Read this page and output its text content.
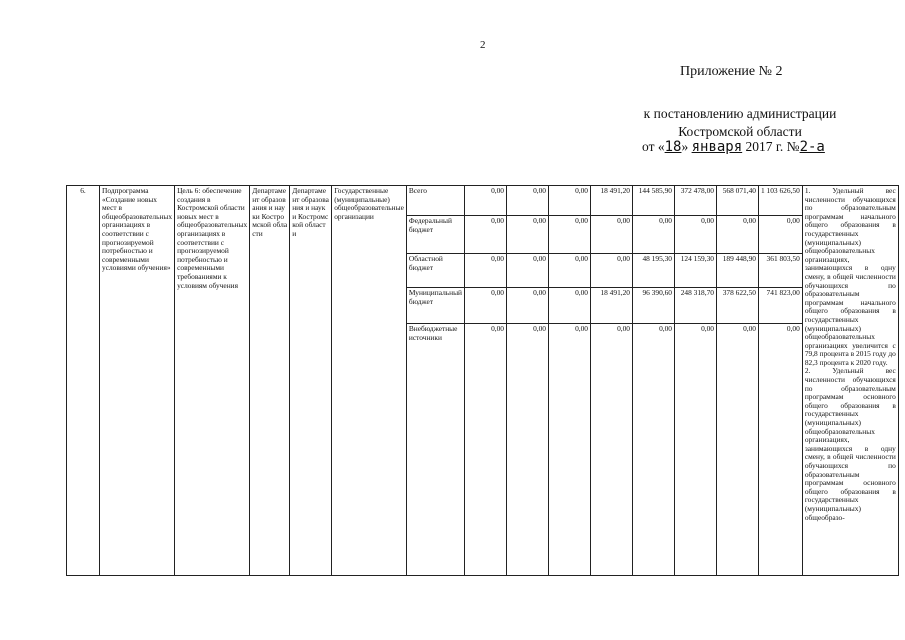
2
Приложение № 2
к постановлению администрации
Костромской области
от «18» января 2017 г. №2-а
6.	Подпрограмма «Создание новых мест в общеобразовательных организациях в соответствии с прогнозируемой потребностью и современными условиями обучения»	Цель 6: обеспечение создания в Костромской области новых мест в общеобразовательных организациях в соответствии с прогнозируемой потребностью и современными требованиями к условиям обучения	Департамент образования и науки Костромской области	Департамент образования и науки Костромской области	Государственные (муниципальные) общеобразовательные организации	Всего	0,00	0,00	0,00	18 491,20	144 585,90	372 478,00	568 071,40	1 103 626,50	1. Удельный вес численности обучающихся по образовательным программам начального общего образования в государственных (муниципальных) общеобразовательных организациях, занимающихся в одну смену, в общей численности обучающихся по образовательным программам начального общего образования в государственных (муниципальных) общеобразовательных организациях увеличится с 79,8 процента в 2015 году до 82,3 процента к 2020 году.

2. Удельный вес численности обучающихся по образовательным программам основного общего образования в государственных (муниципальных) общеобразовательных организациях, занимающихся в одну смену, в общей численности обучающихся по образовательным программам основного общего образования в государственных (муниципальных) общеобразо-

						Федеральный бюджет	0,00	0,00	0,00	0,00	0,00	0,00	0,00	0,00	
						Областной бюджет	0,00	0,00	0,00	0,00	48 195,30	124 159,30	189 448,90	361 803,50	
						Муниципальный бюджет	0,00	0,00	0,00	18 491,20	96 390,60	248 318,70	378 622,50	741 823,00	
						Внебюджетные источники	0,00	0,00	0,00	0,00	0,00	0,00	0,00	0,00	
